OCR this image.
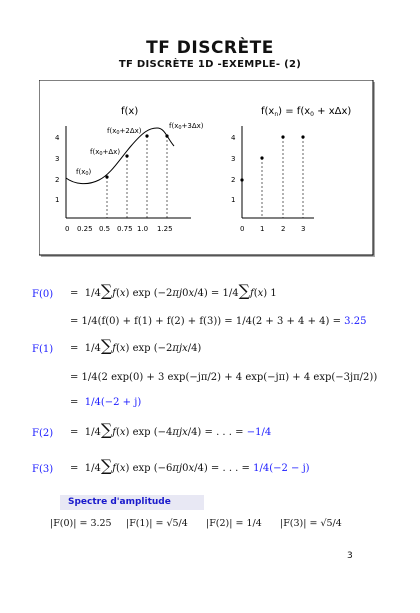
TF DISCRÈTE
TF DISCRÈTE 1D -EXEMPLE- (2)
f(x)
1
2
3
4
0 0.25 0.5 0.75 1.0 1.25
f(x0)
f(x0+Δx)
f(x0+2Δx)
f(x0+3Δx)
$f(x_n) = f(x_0 + x\Delta x)$
1
2
3
4
0 1 2 3
F(0) =  1/4∑f(x) exp (−2πj0x/4) = 1/4∑f(x) 1
= 1/4(f(0) + f(1) + f(2) + f(3)) = 1/4(2 + 3 + 4 + 4) = 3.25
F(1) =  1/4∑f(x) exp (−2πjx/4)
= 1/4(2 exp(0) + 3 exp(−jπ/2) + 4 exp(−jπ) + 4 exp(−3jπ/2))
=  1/4(−2 + j)
F(2) =  1/4∑f(x) exp (−4πjx/4) = . . . = −1/4
F(3) =  1/4∑f(x) exp (−6πj0x/4) = . . . = 1/4(−2 − j)
Spectre d'amplitude
|F(0)| = 3.25 |F(1)| = √5/4 |F(2)| = 1/4 |F(3)| = √5/4
3
